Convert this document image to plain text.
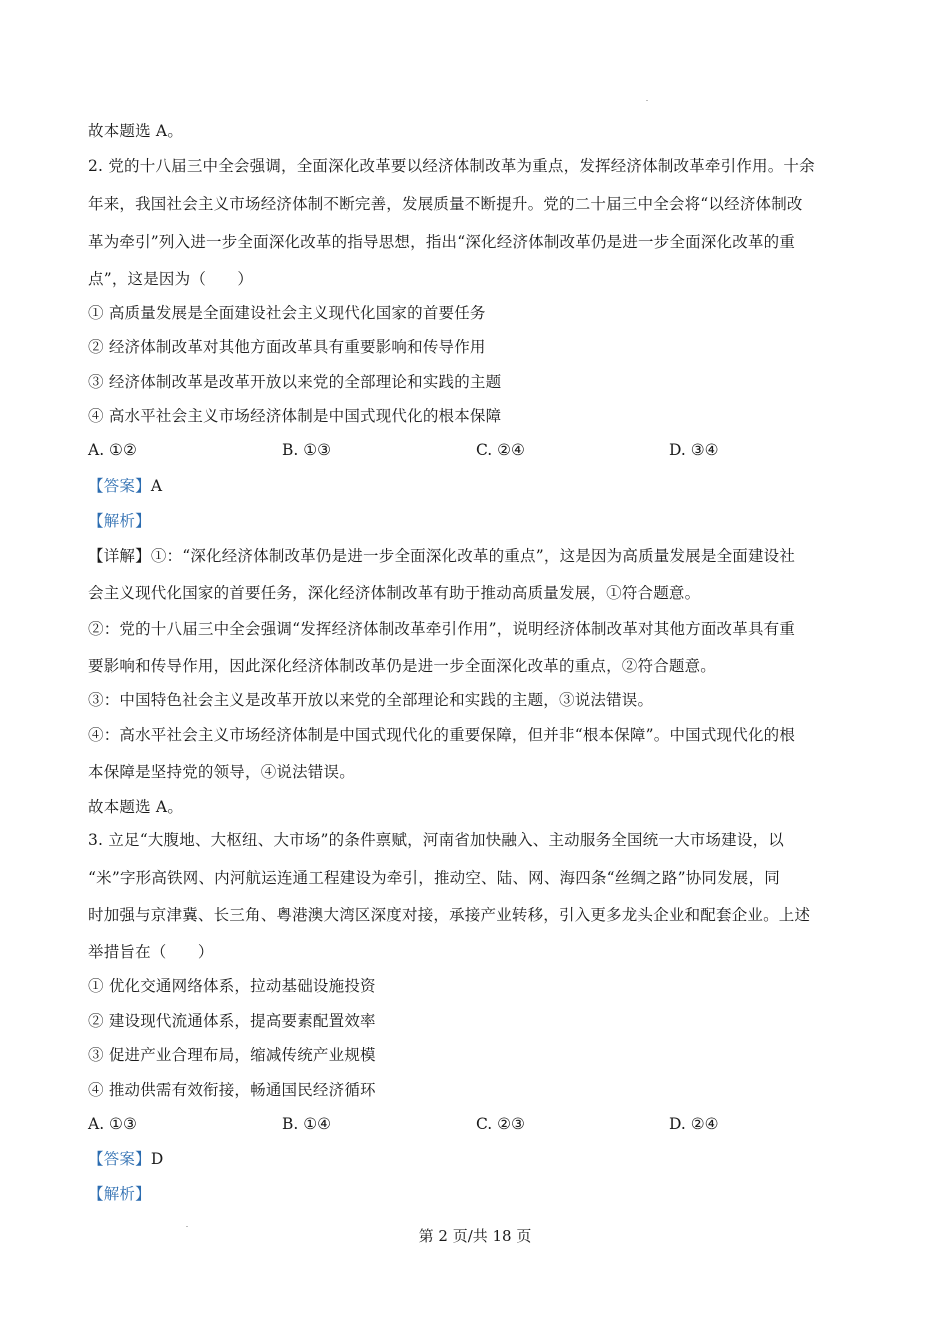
故本题选 A。
2. 党的十八届三中全会强调，全面深化改革要以经济体制改革为重点，发挥经济体制改革牵引作用。十余
年来，我国社会主义市场经济体制不断完善，发展质量不断提升。党的二十届三中全会将“以经济体制改
革为牵引”列入进一步全面深化改革的指导思想，指出“深化经济体制改革仍是进一步全面深化改革的重
点”，这是因为（　　）
① 高质量发展是全面建设社会主义现代化国家的首要任务
② 经济体制改革对其他方面改革具有重要影响和传导作用
③ 经济体制改革是改革开放以来党的全部理论和实践的主题
④ 高水平社会主义市场经济体制是中国式现代化的根本保障
A. ①②	B. ①③	C. ②④	D. ③④
【答案】A
【解析】
【详解】①：“深化经济体制改革仍是进一步全面深化改革的重点”，这是因为高质量发展是全面建设社
会主义现代化国家的首要任务，深化经济体制改革有助于推动高质量发展，①符合题意。
②：党的十八届三中全会强调“发挥经济体制改革牵引作用”，说明经济体制改革对其他方面改革具有重
要影响和传导作用，因此深化经济体制改革仍是进一步全面深化改革的重点，②符合题意。
③：中国特色社会主义是改革开放以来党的全部理论和实践的主题，③说法错误。
④：高水平社会主义市场经济体制是中国式现代化的重要保障，但并非“根本保障”。中国式现代化的根
本保障是坚持党的领导，④说法错误。
故本题选 A。
3. 立足“大腹地、大枢纽、大市场”的条件禀赋，河南省加快融入、主动服务全国统一大市场建设，以
“米”字形高铁网、内河航运连通工程建设为牵引，推动空、陆、网、海四条“丝绸之路”协同发展，同
时加强与京津冀、长三角、粤港澳大湾区深度对接，承接产业转移，引入更多龙头企业和配套企业。上述
举措旨在（　　）
① 优化交通网络体系，拉动基础设施投资
② 建设现代流通体系，提高要素配置效率
③ 促进产业合理布局，缩减传统产业规模
④ 推动供需有效衔接，畅通国民经济循环
A. ①③	B. ①④	C. ②③	D. ②④
【答案】D
【解析】
第 2 页/共 18 页
